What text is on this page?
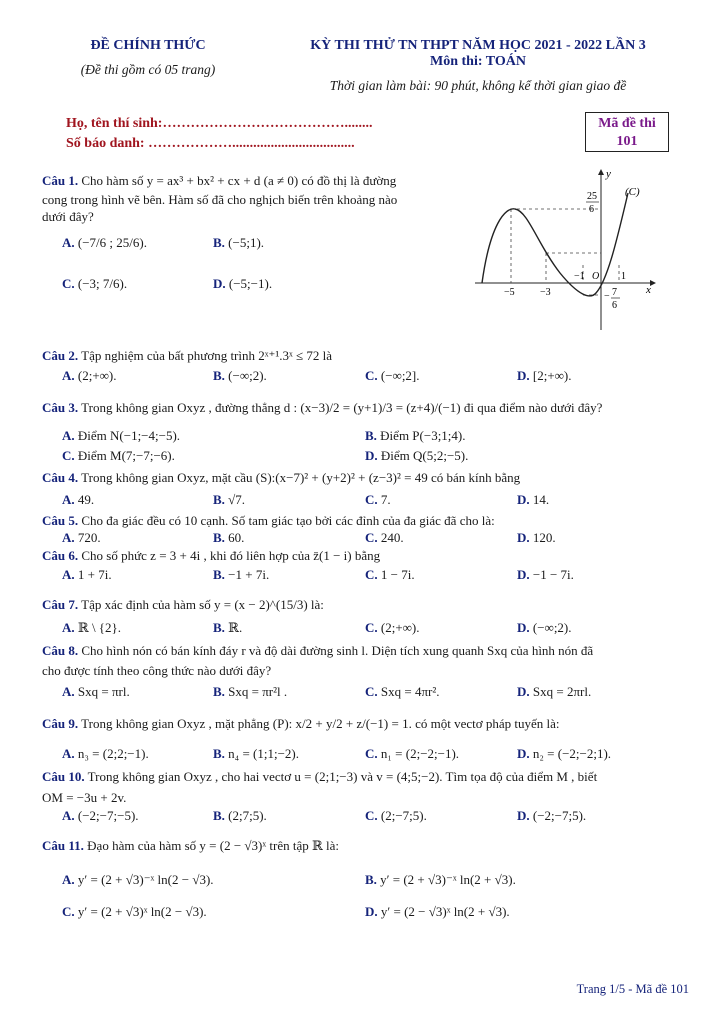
ĐỀ CHÍNH THỨC
(Đề thi gồm có 05 trang)
KỲ THI THỬ TN THPT NĂM HỌC 2021 - 2022 LẦN 3
Môn thi: TOÁN
Thời gian làm bài: 90 phút, không kể thời gian giao đề
Họ, tên thí sinh:…………………………………........
Số báo danh: ………………...................................
Mã đề thi
101
Câu 1. Cho hàm số y = ax³ + bx² + cx + d (a ≠ 0) có đồ thị là đường
cong trong hình vẽ bên. Hàm số đã cho nghịch biến trên khoảng nào
dưới đây?
A. (−7/6 ; 25/6).	B. (−5;1).
C. (−3; 7/6).	D. (−5;−1).
y
x
(C)
25
6
−5	−3
−1 O 1
− 7
6
Câu 2. Tập nghiệm của bất phương trình 2ˣ⁺¹.3ˣ ≤ 72 là
A. (2;+∞).	B. (−∞;2).	C. (−∞;2].	D. [2;+∞).
Câu 3. Trong không gian Oxyz , đường thẳng d : (x−3)/2 = (y+1)/3 = (z+4)/(−1) đi qua điểm nào dưới đây?
A. Điểm N(−1;−4;−5).	B. Điểm P(−3;1;4).
C. Điểm M(7;−7;−6).	D. Điểm Q(5;2;−5).
Câu 4. Trong không gian Oxyz, mặt cầu (S):(x−7)² + (y+2)² + (z−3)² = 49 có bán kính bằng
A. 49.	B. √7.	C. 7.	D. 14.
Câu 5. Cho đa giác đều có 10 cạnh. Số tam giác tạo bởi các đỉnh của đa giác đã cho là:
A. 720.	B. 60.	C. 240.	D. 120.
Câu 6. Cho số phức z = 3 + 4i , khi đó liên hợp của z̄(1 − i) bằng
A. 1 + 7i.	B. −1 + 7i.	C. 1 − 7i.	D. −1 − 7i.
Câu 7. Tập xác định của hàm số y = (x − 2)^(15/3) là:
A. ℝ \ {2}.	B. ℝ.	C. (2;+∞).	D. (−∞;2).
Câu 8. Cho hình nón có bán kính đáy r và độ dài đường sinh l. Diện tích xung quanh Sxq của hình nón đã
cho được tính theo công thức nào dưới đây?
A. Sxq = πrl.	B. Sxq = πr²l .	C. Sxq = 4πr².	D. Sxq = 2πrl.
Câu 9. Trong không gian Oxyz , mặt phẳng (P): x/2 + y/2 + z/(−1) = 1. có một vectơ pháp tuyến là:
A. n₃ = (2;2;−1).	B. n₄ = (1;1;−2).	C. n₁ = (2;−2;−1).	D. n₂ = (−2;−2;1).
Câu 10. Trong không gian Oxyz , cho hai vectơ u = (2;1;−3) và v = (4;5;−2). Tìm tọa độ của điểm M , biết
OM = −3u + 2v.
A. (−2;−7;−5).	B. (2;7;5).	C. (2;−7;5).	D. (−2;−7;5).
Câu 11. Đạo hàm của hàm số y = (2 − √3)ˣ trên tập ℝ là:
A. y′ = (2 + √3)⁻ˣ ln(2 − √3).	B. y′ = (2 + √3)⁻ˣ ln(2 + √3).
C. y′ = (2 + √3)ˣ ln(2 − √3).	D. y′ = (2 − √3)ˣ ln(2 + √3).
Trang 1/5 - Mã đề 101
